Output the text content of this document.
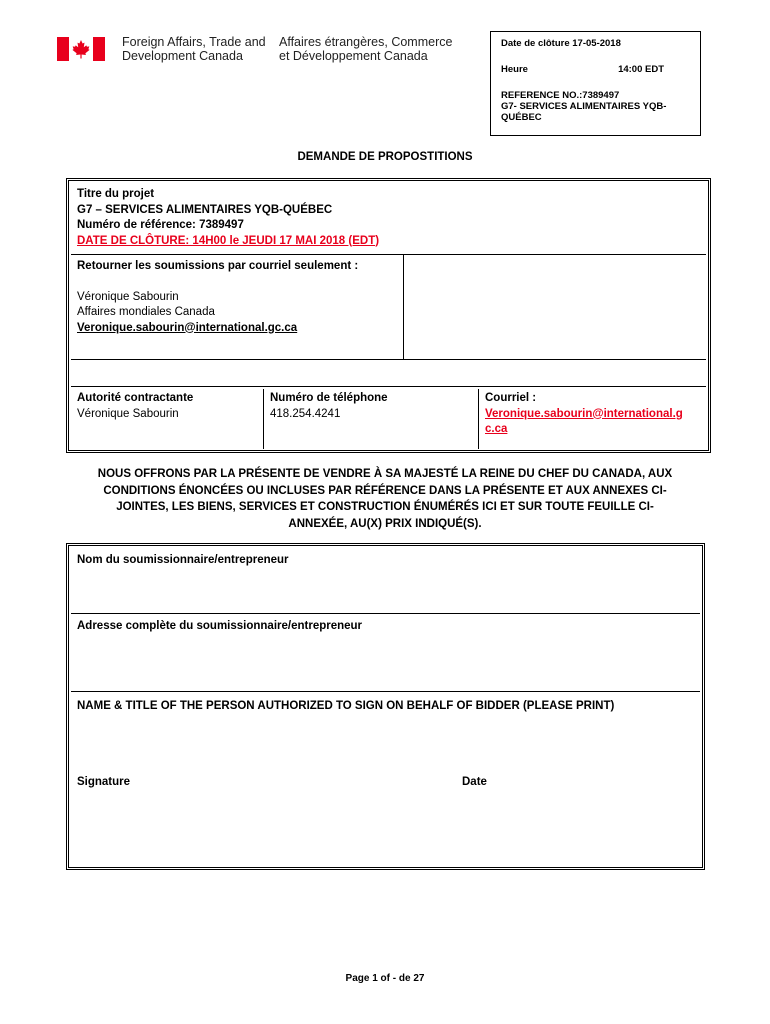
Foreign Affairs, Trade and
Development Canada
Affaires étrangères, Commerce
et Développement Canada
Date de clôture 17-05-2018
Heure	14:00 EDT
REFERENCE NO.:7389497
G7- SERVICES ALIMENTAIRES YQB-
QUÉBEC
DEMANDE DE PROPOSTITIONS
Titre du projet
G7 – SERVICES ALIMENTAIRES YQB-QUÉBEC
Numéro de référence: 7389497
DATE DE CLÔTURE: 14H00 le JEUDI 17 MAI 2018 (EDT)
Retourner les soumissions par courriel seulement :
Véronique Sabourin
Affaires mondiales Canada
Veronique.sabourin@international.gc.ca
Autorité contractante
Véronique Sabourin
Numéro de téléphone
418.254.4241
Courriel :
Veronique.sabourin@international.g
c.ca
NOUS OFFRONS PAR LA PRÉSENTE DE VENDRE À SA MAJESTÉ LA REINE DU CHEF DU CANADA, AUX
CONDITIONS ÉNONCÉES OU INCLUSES PAR RÉFÉRENCE DANS LA PRÉSENTE ET AUX ANNEXES CI-
JOINTES, LES BIENS, SERVICES ET CONSTRUCTION ÉNUMÉRÉS ICI ET SUR TOUTE FEUILLE CI-
ANNEXÉE, AU(X) PRIX INDIQUÉ(S).
Nom du soumissionnaire/entrepreneur
Adresse complète du soumissionnaire/entrepreneur
NAME & TITLE OF THE PERSON AUTHORIZED TO SIGN ON BEHALF OF BIDDER (PLEASE PRINT)
Signature	Date
Page 1 of - de 27
